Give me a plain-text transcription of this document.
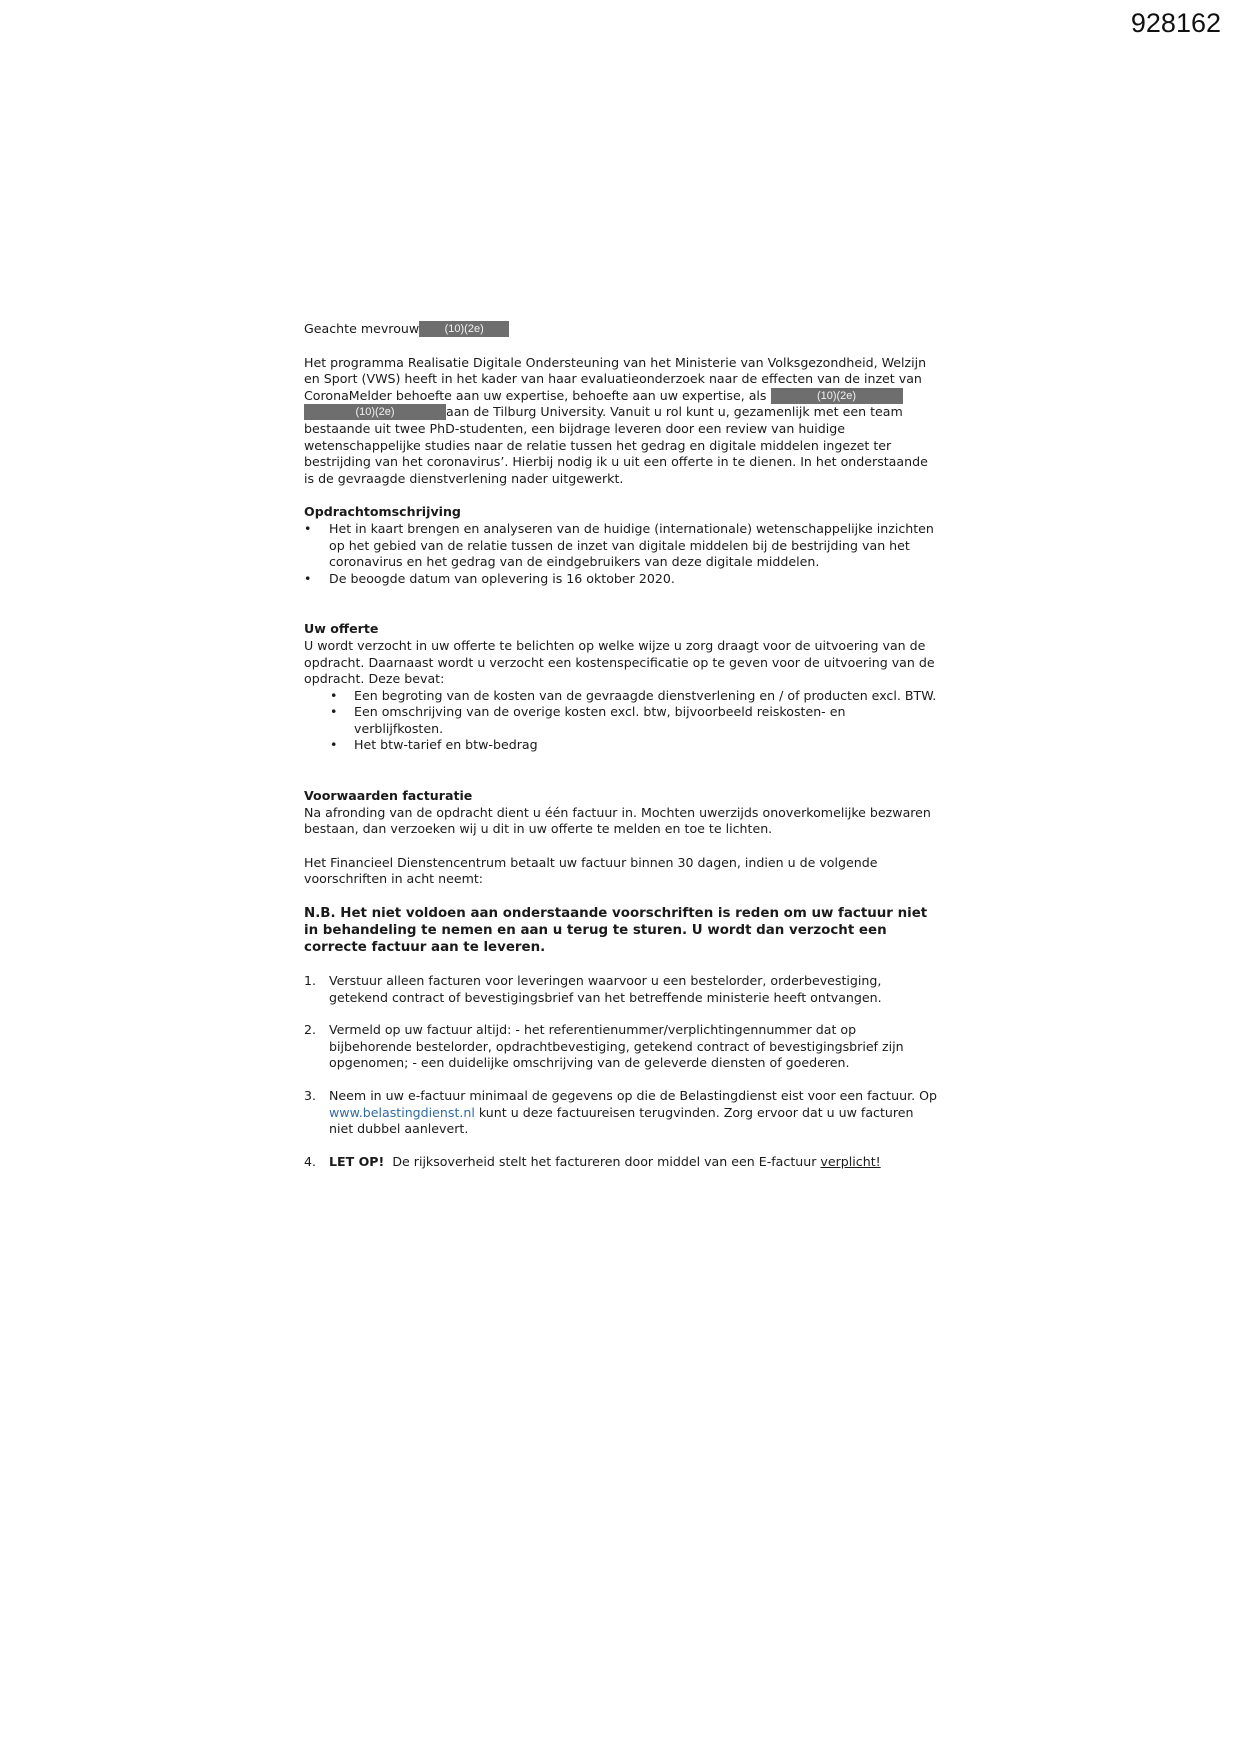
928162

Geachte mevrouw (10)(2e)

Het programma Realisatie Digitale Ondersteuning van het Ministerie van Volksgezondheid, Welzijn en Sport (VWS) heeft in het kader van haar evaluatieonderzoek naar de effecten van de inzet van CoronaMelder behoefte aan uw expertise, behoefte aan uw expertise, als	(10)(2e)
(10)(2e)	aan de Tilburg University. Vanuit u rol kunt u, gezamenlijk met een team bestaande uit twee PhD-studenten, een bijdrage leveren door een review van huidige wetenschappelijke studies naar de relatie tussen het gedrag en digitale middelen ingezet ter bestrijding van het coronavirus’. Hierbij nodig ik u uit een offerte in te dienen. In het onderstaande is de gevraagde dienstverlening nader uitgewerkt.

Opdrachtomschrijving

• Het in kaart brengen en analyseren van de huidige (internationale) wetenschappelijke inzichten op het gebied van de relatie tussen de inzet van digitale middelen bij de bestrijding van het coronavirus en het gedrag van de eindgebruikers van deze digitale middelen.
• De beoogde datum van oplevering is 16 oktober 2020.

Uw offerte

U wordt verzocht in uw offerte te belichten op welke wijze u zorg draagt voor de uitvoering van de opdracht. Daarnaast wordt u verzocht een kostenspecificatie op te geven voor de uitvoering van de opdracht. Deze bevat:

• Een begroting van de kosten van de gevraagde dienstverlening en / of producten excl. BTW.
• Een omschrijving van de overige kosten excl. btw, bijvoorbeeld reiskosten- en verblijfkosten.
• Het btw-tarief en btw-bedrag

Voorwaarden facturatie

Na afronding van de opdracht dient u één factuur in. Mochten uwerzijds onoverkomelijke bezwaren bestaan, dan verzoeken wij u dit in uw offerte te melden en toe te lichten.

Het Financieel Dienstencentrum betaalt uw factuur binnen 30 dagen, indien u de volgende voorschriften in acht neemt:

N.B. Het niet voldoen aan onderstaande voorschriften is reden om uw factuur niet in behandeling te nemen en aan u terug te sturen. U wordt dan verzocht een correcte factuur aan te leveren.

1. Verstuur alleen facturen voor leveringen waarvoor u een bestelorder, orderbevestiging, getekend contract of bevestigingsbrief van het betreffende ministerie heeft ontvangen.
2. Vermeld op uw factuur altijd: - het referentienummer/verplichtingennummer dat op bijbehorende bestelorder, opdrachtbevestiging, getekend contract of bevestigingsbrief zijn opgenomen; - een duidelijke omschrijving van de geleverde diensten of goederen.
3. Neem in uw e-factuur minimaal de gegevens op die de Belastingdienst eist voor een factuur. Op www.belastingdienst.nl kunt u deze factuureisen terugvinden. Zorg ervoor dat u uw facturen niet dubbel aanlevert.
4. LET OP! De rijksoverheid stelt het factureren door middel van een E-factuur verplicht!
